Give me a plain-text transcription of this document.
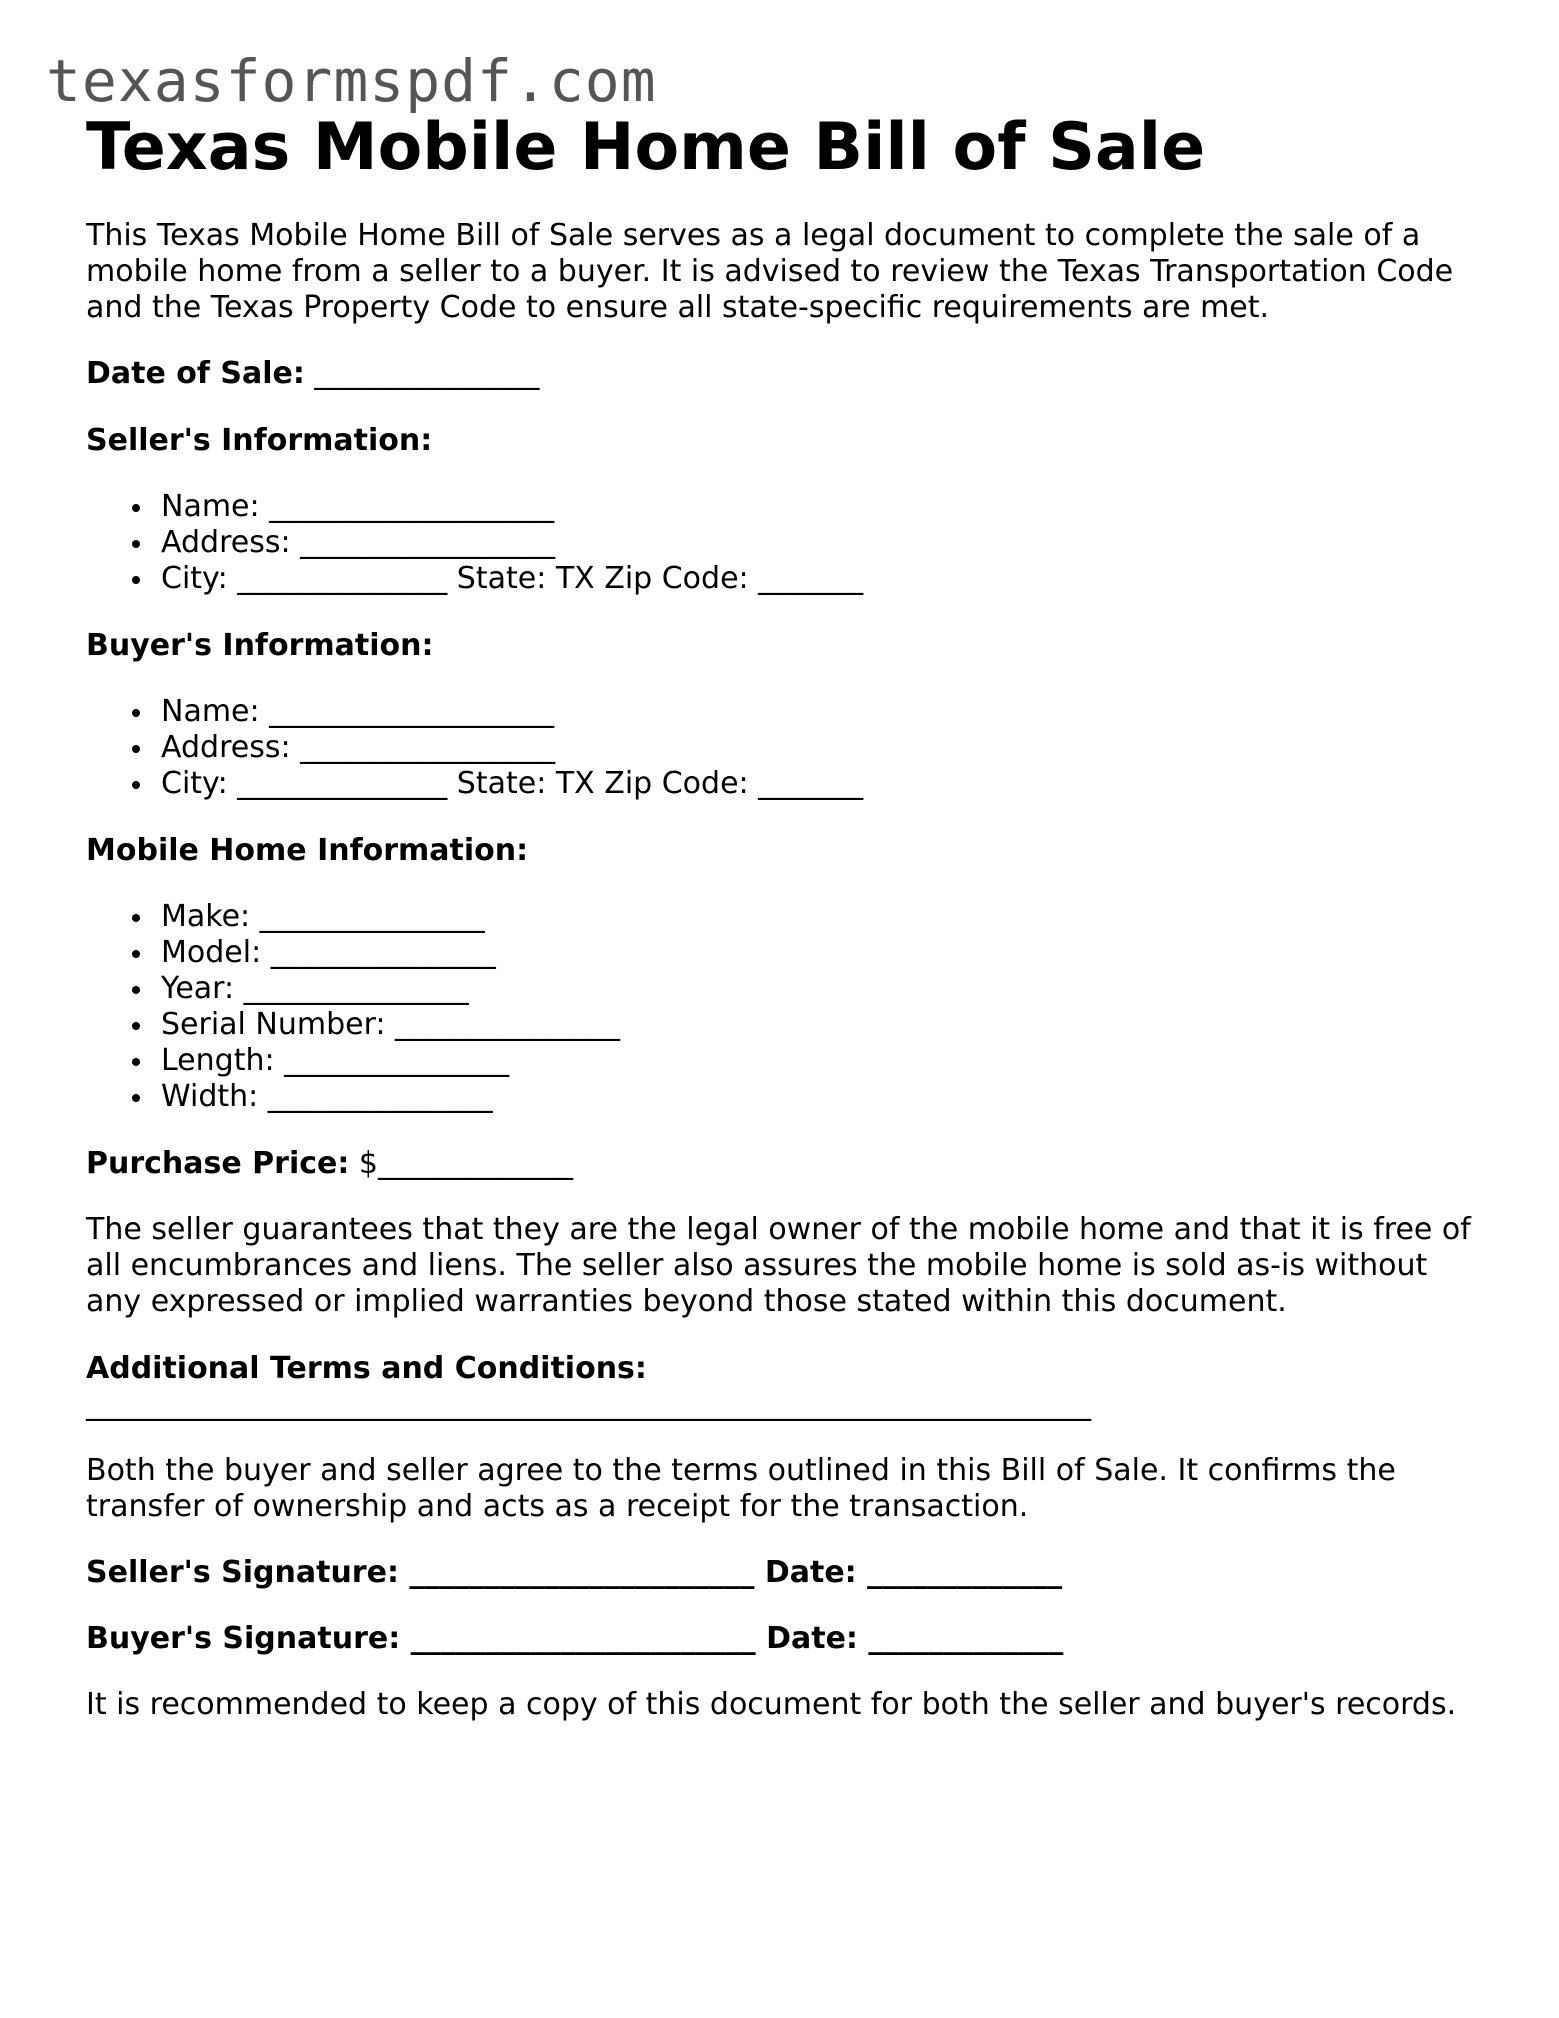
texasformspdf.com
Texas Mobile Home Bill of Sale

This Texas Mobile Home Bill of Sale serves as a legal document to complete the sale of a mobile home from a seller to a buyer. It is advised to review the Texas Transportation Code and the Texas Property Code to ensure all state-specific requirements are met.

Date of Sale: _______________

Seller's Information:

Name: ___________________
Address: _________________
City: ______________ State: TX Zip Code: _______

Buyer's Information:

Name: ___________________
Address: _________________
City: ______________ State: TX Zip Code: _______

Mobile Home Information:

Make: _______________
Model: _______________
Year: _______________
Serial Number: _______________
Length: _______________
Width: _______________

Purchase Price: $_____________

The seller guarantees that they are the legal owner of the mobile home and that it is free of all encumbrances and liens. The seller also assures the mobile home is sold as-is without any expressed or implied warranties beyond those stated within this document.

Additional Terms and Conditions:

___________________________________________________________________

Both the buyer and seller agree to the terms outlined in this Bill of Sale. It confirms the transfer of ownership and acts as a receipt for the transaction.

Seller's Signature: _______________________ Date: _____________

Buyer's Signature: _______________________ Date: _____________

It is recommended to keep a copy of this document for both the seller and buyer's records.
